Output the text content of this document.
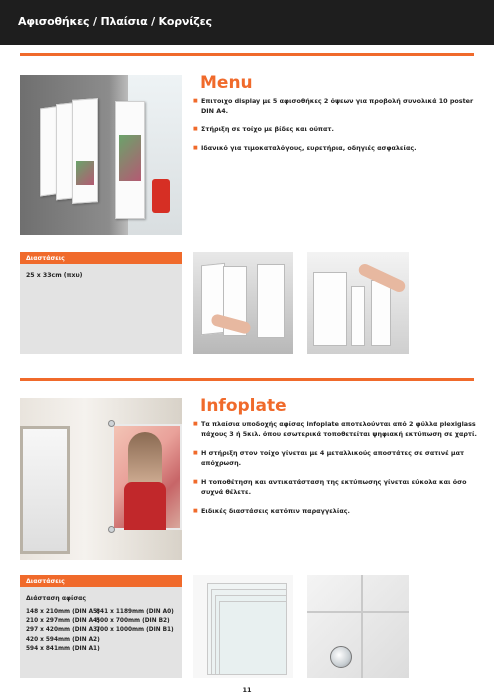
Αφισοθήκες / Πλαίσια / Κορνίζες
Menu
■ Επιτοιχο display με 5 αφισοθήκες 2 όψεων για προβολή συνολικά 10 poster DIN A4.
■ Στήριξη σε τοίχο με βίδες και ούπατ.
■ Ιδανικό για τιμοκαταλόγους, ευρετήρια, οδηγιές ασφαλείας.
Διαστάσεις
25 x 33cm (πxυ)
Infoplate
■ Τα πλαίσια υποδοχής αφίσας infoplate αποτελούνται από 2 φύλλα plexiglass πάχους 3 ή 5κιλ. όπου εσωτερικά τοποθετείται ψηφιακή εκτύπωση σε χαρτί.
■ Η στήριξη στον τοίχο γίνεται με 4 μεταλλικούς αποστάτες σε σατινέ ματ απόχρωση.
■ Η τοποθέτηση και αντικατάσταση της εκτύπωσης γίνεται εύκολα και όσο συχνά θέλετε.
■ Ειδικές διαστάσεις κατόπιν παραγγελίας.
Διαστάσεις
Διάσταση αφίσας
148 x 210mm (DIN A5)
841 x 1189mm (DIN A0)
210 x 297mm (DIN A4)
500 x 700mm (DIN B2)
297 x 420mm (DIN A3)
700 x 1000mm (DIN B1)
420 x 594mm (DIN A2)
594 x 841mm (DIN A1)
11
